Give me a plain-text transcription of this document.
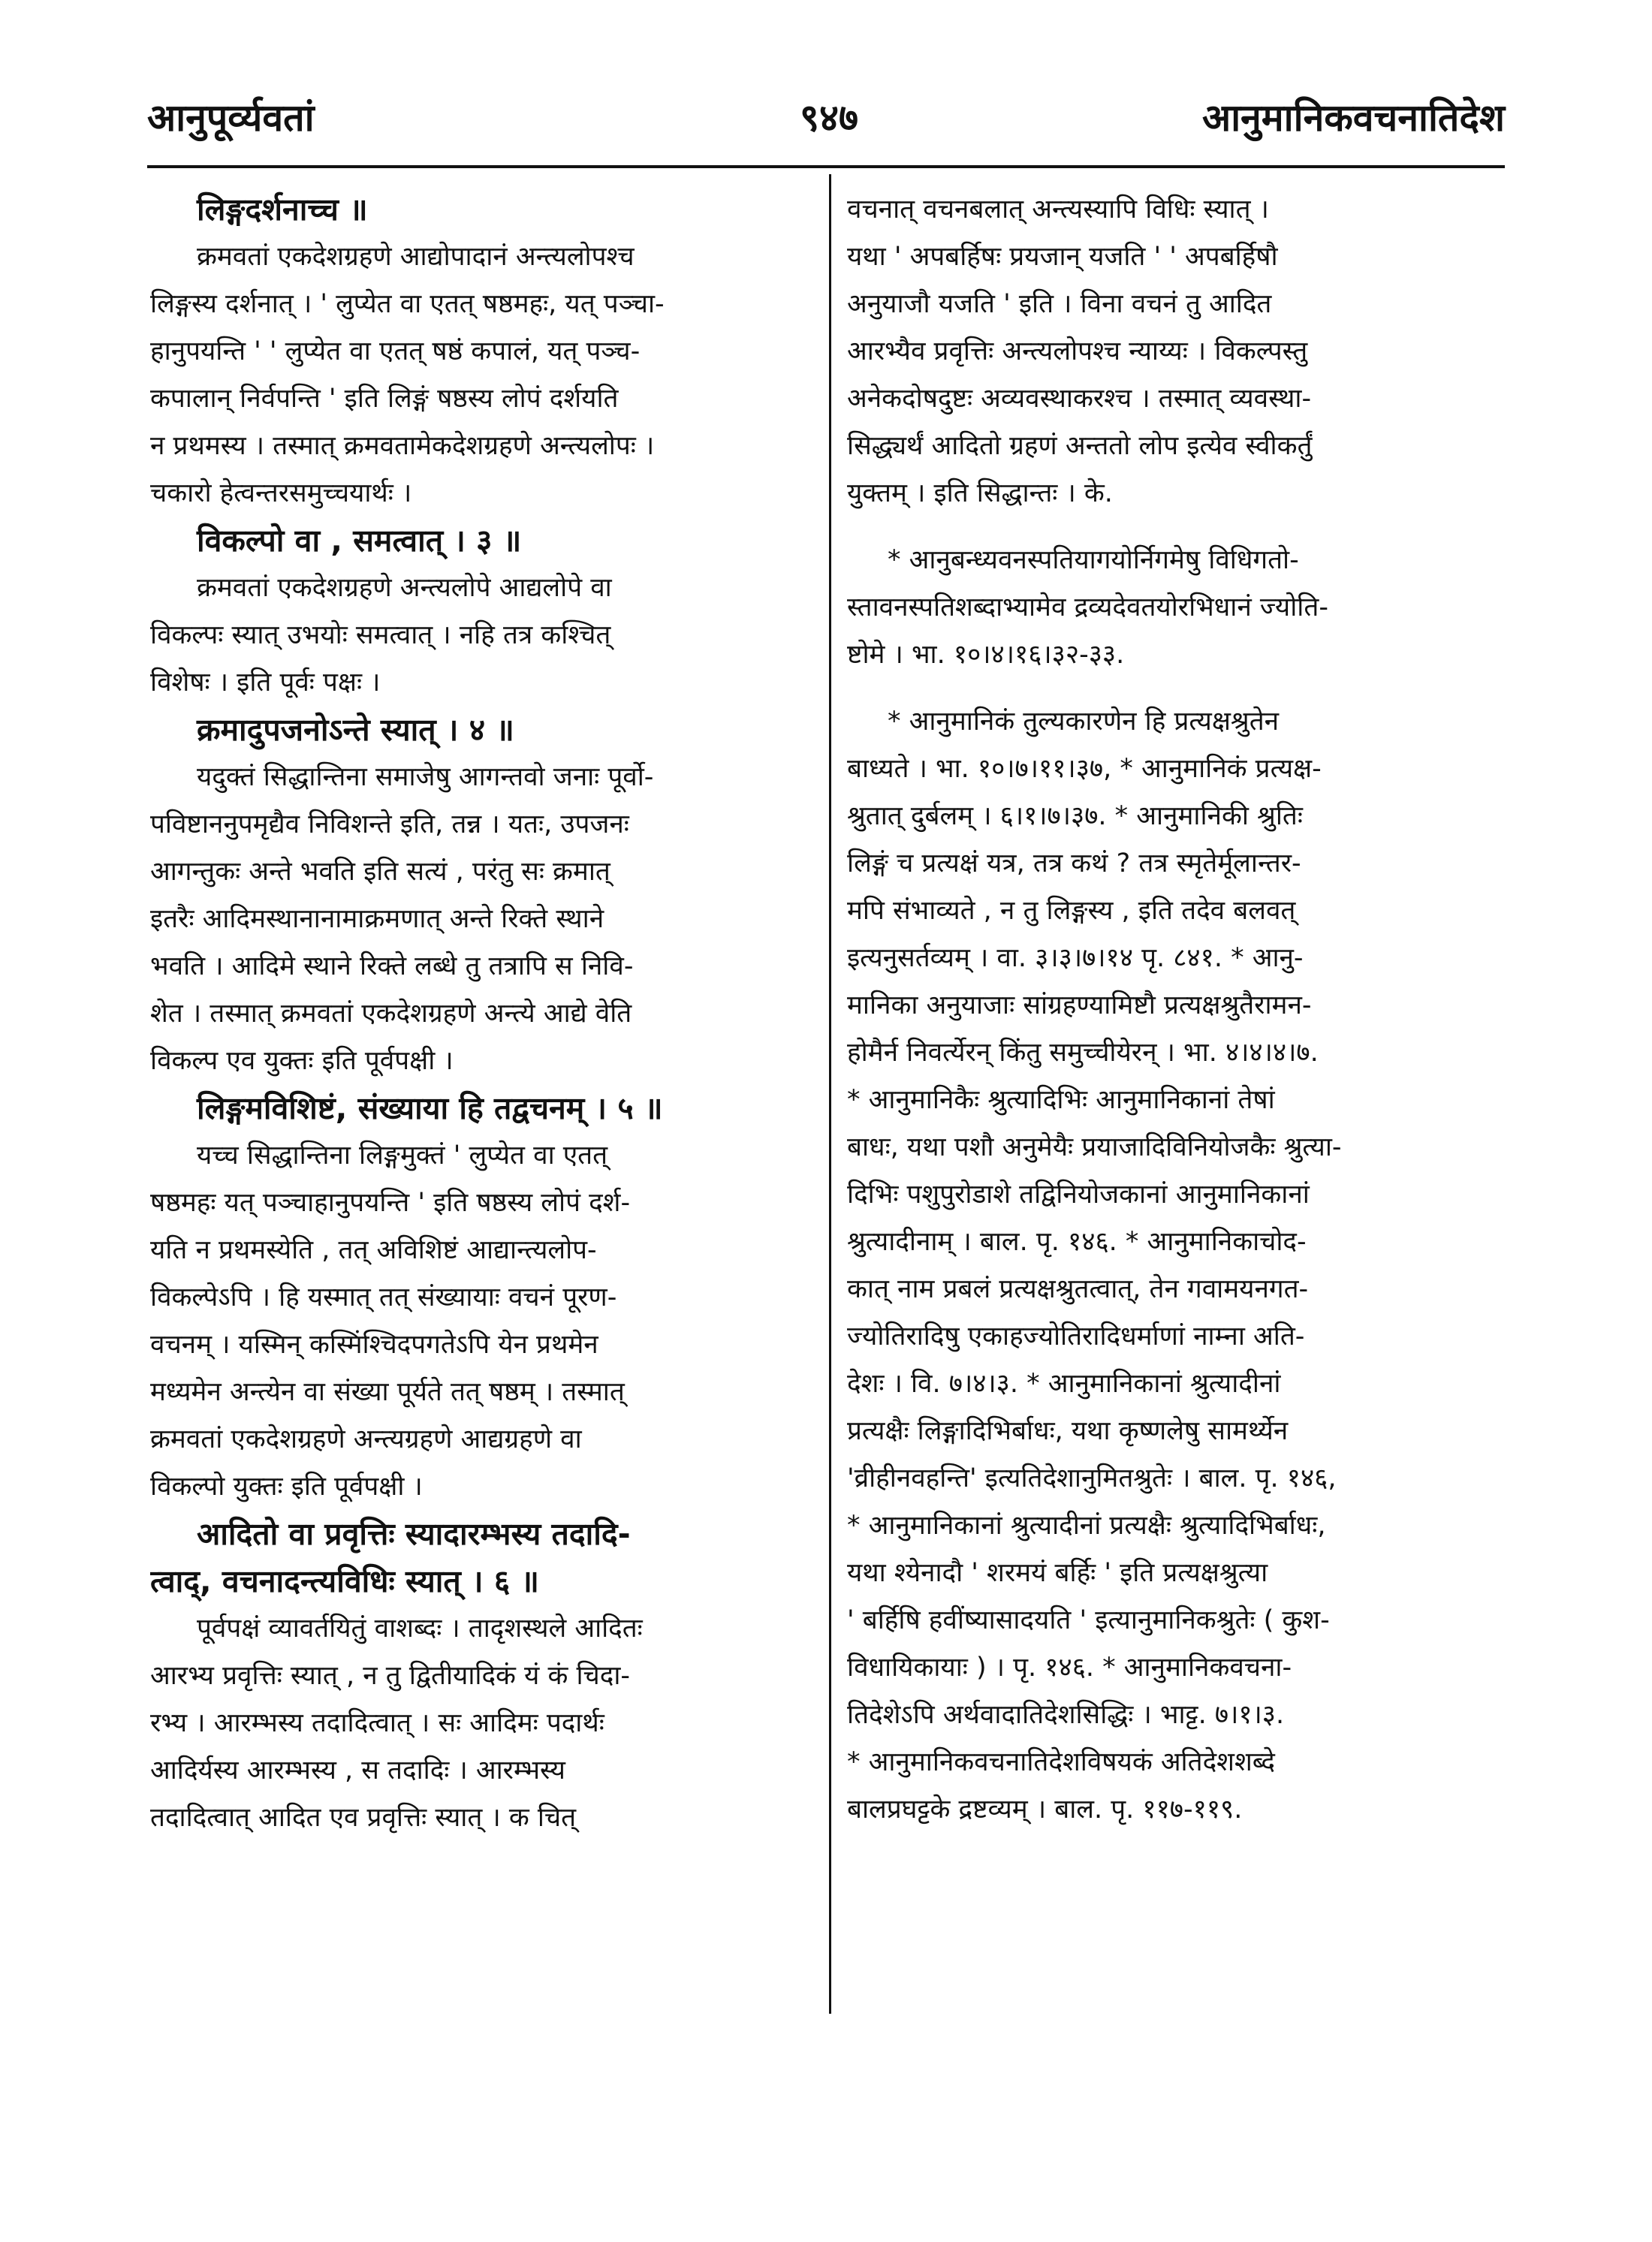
आनुपूर्व्यवतां	९४७	आनुमानिकवचनातिदेश
लिङ्गदर्शनाच्च ॥
क्रमवतां एकदेशग्रहणे आद्योपादानं अन्त्यलोपश्च
लिङ्गस्य दर्शनात् । ' लुप्येत वा एतत् षष्ठमहः, यत् पञ्चा-
हानुपयन्ति ' ' लुप्येत वा एतत् षष्ठं कपालं, यत् पञ्च-
कपालान् निर्वपन्ति ' इति लिङ्गं षष्ठस्य लोपं दर्शयति
न प्रथमस्य । तस्मात् क्रमवतामेकदेशग्रहणे अन्त्यलोपः ।
चकारो हेत्वन्तरसमुच्चयार्थः ।
विकल्पो वा , समत्वात् । ३ ॥
क्रमवतां एकदेशग्रहणे अन्त्यलोपे आद्यलोपे वा
विकल्पः स्यात् उभयोः समत्वात् । नहि तत्र कश्चित्
विशेषः । इति पूर्वः पक्षः ।
क्रमादुपजनोऽन्ते स्यात् । ४ ॥
यदुक्तं सिद्धान्तिना समाजेषु आगन्तवो जनाः पूर्वो-
पविष्टाननुपमृद्यैव निविशन्ते इति, तन्न । यतः, उपजनः
आगन्तुकः अन्ते भवति इति सत्यं , परंतु सः क्रमात्
इतरैः आदिमस्थानानामाक्रमणात् अन्ते रिक्ते स्थाने
भवति । आदिमे स्थाने रिक्ते लब्धे तु तत्रापि स निवि-
शेत । तस्मात् क्रमवतां एकदेशग्रहणे अन्त्ये आद्ये वेति
विकल्प एव युक्तः इति पूर्वपक्षी ।
लिङ्गमविशिष्टं, संख्याया हि तद्वचनम् । ५ ॥
यच्च सिद्धान्तिना लिङ्गमुक्तं ' लुप्येत वा एतत्
षष्ठमहः यत् पञ्चाहानुपयन्ति ' इति षष्ठस्य लोपं दर्श-
यति न प्रथमस्येति , तत् अविशिष्टं आद्यान्त्यलोप-
विकल्पेऽपि । हि यस्मात् तत् संख्यायाः वचनं पूरण-
वचनम् । यस्मिन् कस्मिंश्चिदपगतेऽपि येन प्रथमेन
मध्यमेन अन्त्येन वा संख्या पूर्यते तत् षष्ठम् । तस्मात्
क्रमवतां एकदेशग्रहणे अन्त्यग्रहणे आद्यग्रहणे वा
विकल्पो युक्तः इति पूर्वपक्षी ।
आदितो वा प्रवृत्तिः स्यादारम्भस्य तदादि-
त्वाद्, वचनादन्त्यविधिः स्यात् । ६ ॥
पूर्वपक्षं व्यावर्तयितुं वाशब्दः । तादृशस्थले आदितः
आरभ्य प्रवृत्तिः स्यात् , न तु द्वितीयादिकं यं कं चिदा-
रभ्य । आरम्भस्य तदादित्वात् । सः आदिमः पदार्थः
आदिर्यस्य आरम्भस्य , स तदादिः । आरम्भस्य
तदादित्वात् आदित एव प्रवृत्तिः स्यात् । क चित्
वचनात् वचनबलात् अन्त्यस्यापि विधिः स्यात् ।
यथा ' अपबर्हिषः प्रयजान् यजति ' ' अपबर्हिषौ
अनुयाजौ यजति ' इति । विना वचनं तु आदित
आरभ्यैव प्रवृत्तिः अन्त्यलोपश्च न्याय्यः । विकल्पस्तु
अनेकदोषदुष्टः अव्यवस्थाकरश्च । तस्मात् व्यवस्था-
सिद्ध्यर्थं आदितो ग्रहणं अन्ततो लोप इत्येव स्वीकर्तुं
युक्तम् । इति सिद्धान्तः । के.
* आनुबन्ध्यवनस्पतियागयोर्निगमेषु विधिगतो-
स्तावनस्पतिशब्दाभ्यामेव द्रव्यदेवतयोरभिधानं ज्योति-
ष्टोमे । भा. १०।४।१६।३२-३३.
* आनुमानिकं तुल्यकारणेन हि प्रत्यक्षश्रुतेन
बाध्यते । भा. १०।७।११।३७, * आनुमानिकं प्रत्यक्ष-
श्रुतात् दुर्बलम् । ६।१।७।३७. * आनुमानिकी श्रुतिः
लिङ्गं च प्रत्यक्षं यत्र, तत्र कथं ? तत्र स्मृतेर्मूलान्तर-
मपि संभाव्यते , न तु लिङ्गस्य , इति तदेव बलवत्
इत्यनुसर्तव्यम् । वा. ३।३।७।१४ पृ. ८४१. * आनु-
मानिका अनुयाजाः सांग्रहण्यामिष्टौ प्रत्यक्षश्रुतैरामन-
होमैर्न निवर्त्येरन् किंतु समुच्चीयेरन् । भा. ४।४।४।७.
* आनुमानिकैः श्रुत्यादिभिः आनुमानिकानां तेषां
बाधः, यथा पशौ अनुमेयैः प्रयाजादिविनियोजकैः श्रुत्या-
दिभिः पशुपुरोडाशे तद्विनियोजकानां आनुमानिकानां
श्रुत्यादीनाम् । बाल. पृ. १४६. * आनुमानिकाचोद-
कात् नाम प्रबलं प्रत्यक्षश्रुतत्वात्, तेन गवामयनगत-
ज्योतिरादिषु एकाहज्योतिरादिधर्माणां नाम्ना अति-
देशः । वि. ७।४।३. * आनुमानिकानां श्रुत्यादीनां
प्रत्यक्षैः लिङ्गादिभिर्बाधः, यथा कृष्णलेषु सामर्थ्येन
'व्रीहीनवहन्ति' इत्यतिदेशानुमितश्रुतेः । बाल. पृ. १४६,
* आनुमानिकानां श्रुत्यादीनां प्रत्यक्षैः श्रुत्यादिभिर्बाधः,
यथा श्येनादौ ' शरमयं बर्हिः ' इति प्रत्यक्षश्रुत्या
' बर्हिषि हवींष्यासादयति ' इत्यानुमानिकश्रुतेः ( कुश-
विधायिकायाः ) । पृ. १४६. * आनुमानिकवचना-
तिदेशेऽपि अर्थवादातिदेशसिद्धिः । भाट्ट. ७।१।३.
* आनुमानिकवचनातिदेशविषयकं अतिदेशशब्दे
बालप्रघट्टके द्रष्टव्यम् । बाल. पृ. ११७-११९.
